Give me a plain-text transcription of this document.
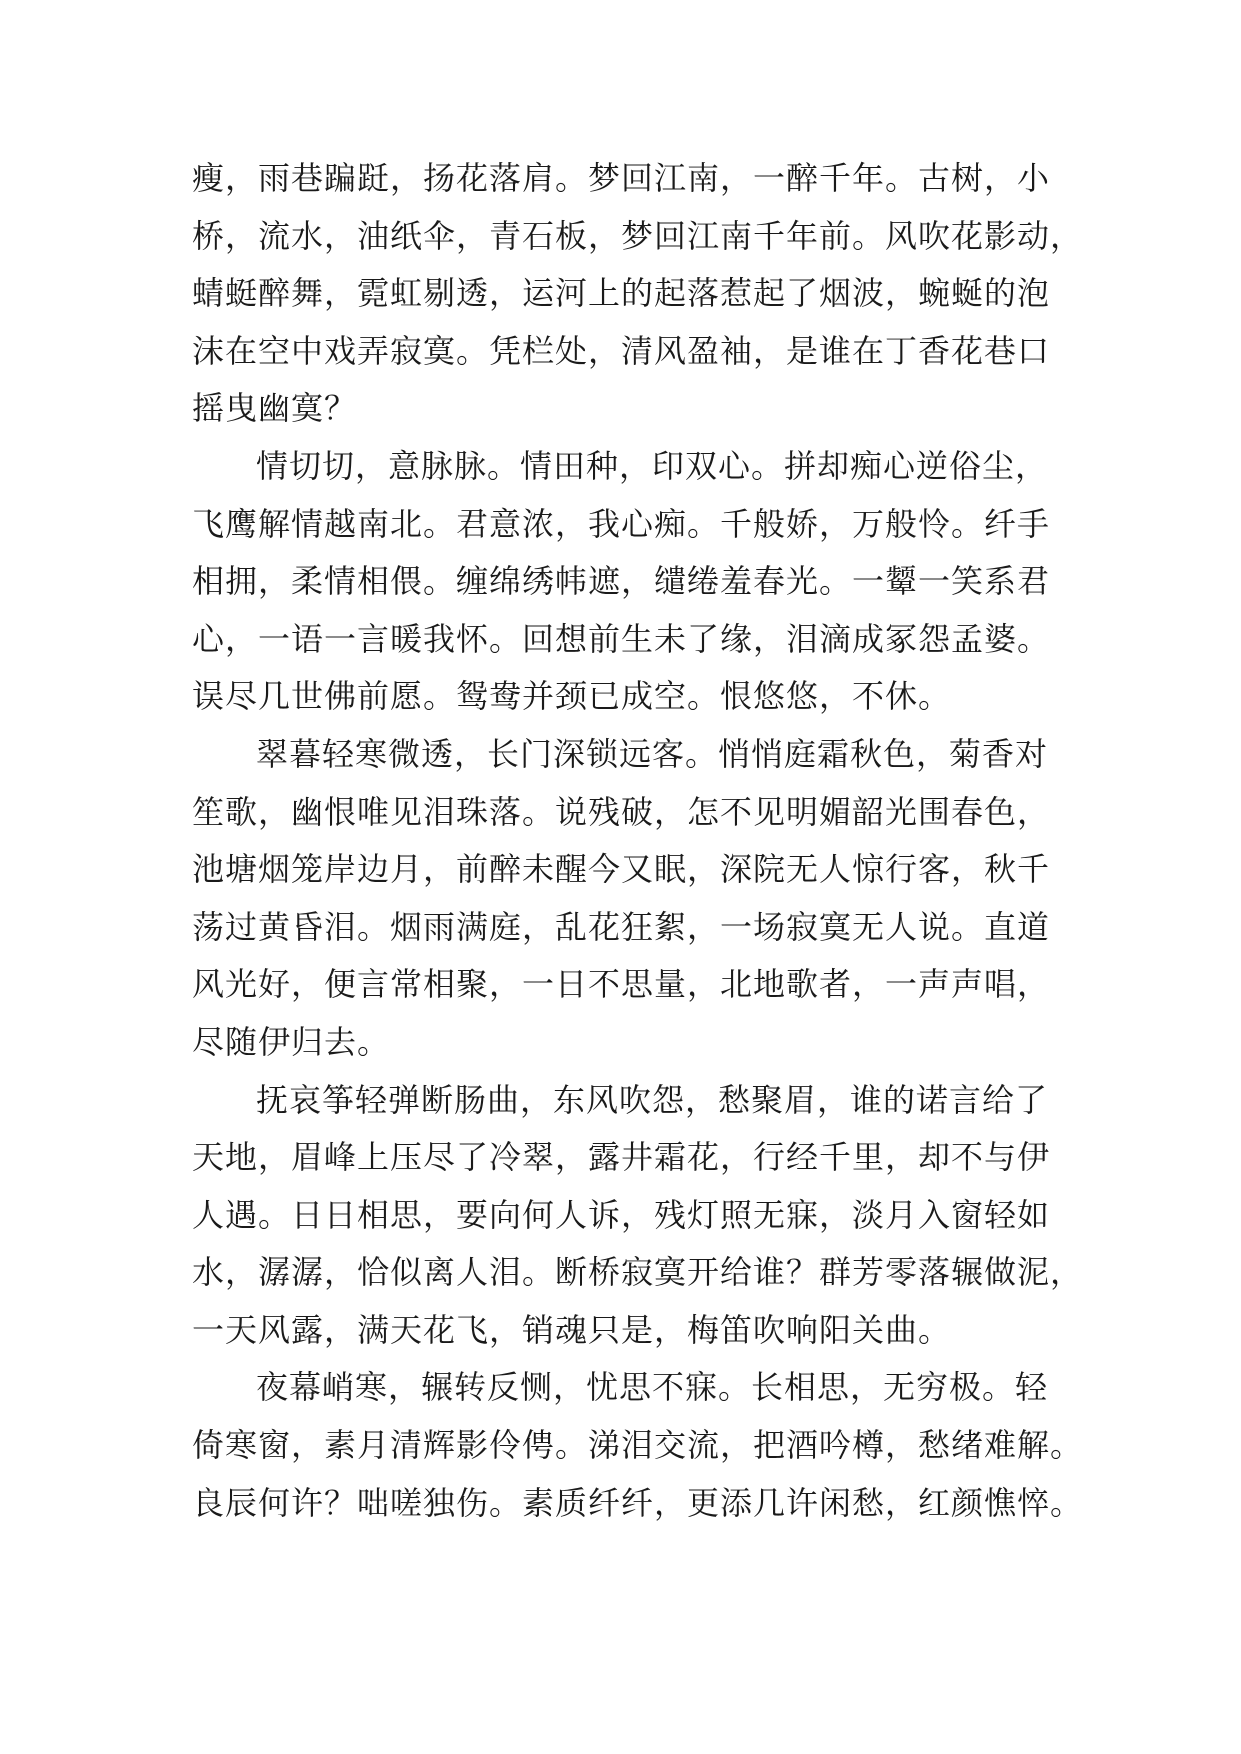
瘦，雨巷蹁跹，扬花落肩。梦回江南，一醉千年。古树，小
桥，流水，油纸伞，青石板，梦回江南千年前。风吹花影动，
蜻蜓醉舞，霓虹剔透，运河上的起落惹起了烟波，蜿蜒的泡
沫在空中戏弄寂寞。凭栏处，清风盈袖，是谁在丁香花巷口
摇曳幽寞？
情切切，意脉脉。情田种，印双心。拼却痴心逆俗尘，
飞鹰解情越南北。君意浓，我心痴。千般娇，万般怜。纤手
相拥，柔情相偎。缠绵绣帏遮，缱绻羞春光。一颦一笑系君
心，一语一言暖我怀。回想前生未了缘，泪滴成冢怨孟婆。
误尽几世佛前愿。鸳鸯并颈已成空。恨悠悠，不休。
翠暮轻寒微透，长门深锁远客。悄悄庭霜秋色，菊香对
笙歌，幽恨唯见泪珠落。说残破，怎不见明媚韶光围春色，
池塘烟笼岸边月，前醉未醒今又眠，深院无人惊行客，秋千
荡过黄昏泪。烟雨满庭，乱花狂絮，一场寂寞无人说。直道
风光好，便言常相聚，一日不思量，北地歌者，一声声唱，
尽随伊归去。
抚哀筝轻弹断肠曲，东风吹怨，愁聚眉，谁的诺言给了
天地，眉峰上压尽了冷翠，露井霜花，行经千里，却不与伊
人遇。日日相思，要向何人诉，残灯照无寐，淡月入窗轻如
水，潺潺，恰似离人泪。断桥寂寞开给谁？群芳零落辗做泥，
一天风露，满天花飞，销魂只是，梅笛吹响阳关曲。
夜幕峭寒，辗转反恻，忧思不寐。长相思，无穷极。轻
倚寒窗，素月清辉影伶俜。涕泪交流，把酒吟樽，愁绪难解。
良辰何许？咄嗟独伤。素质纤纤，更添几许闲愁，红颜憔悴。
